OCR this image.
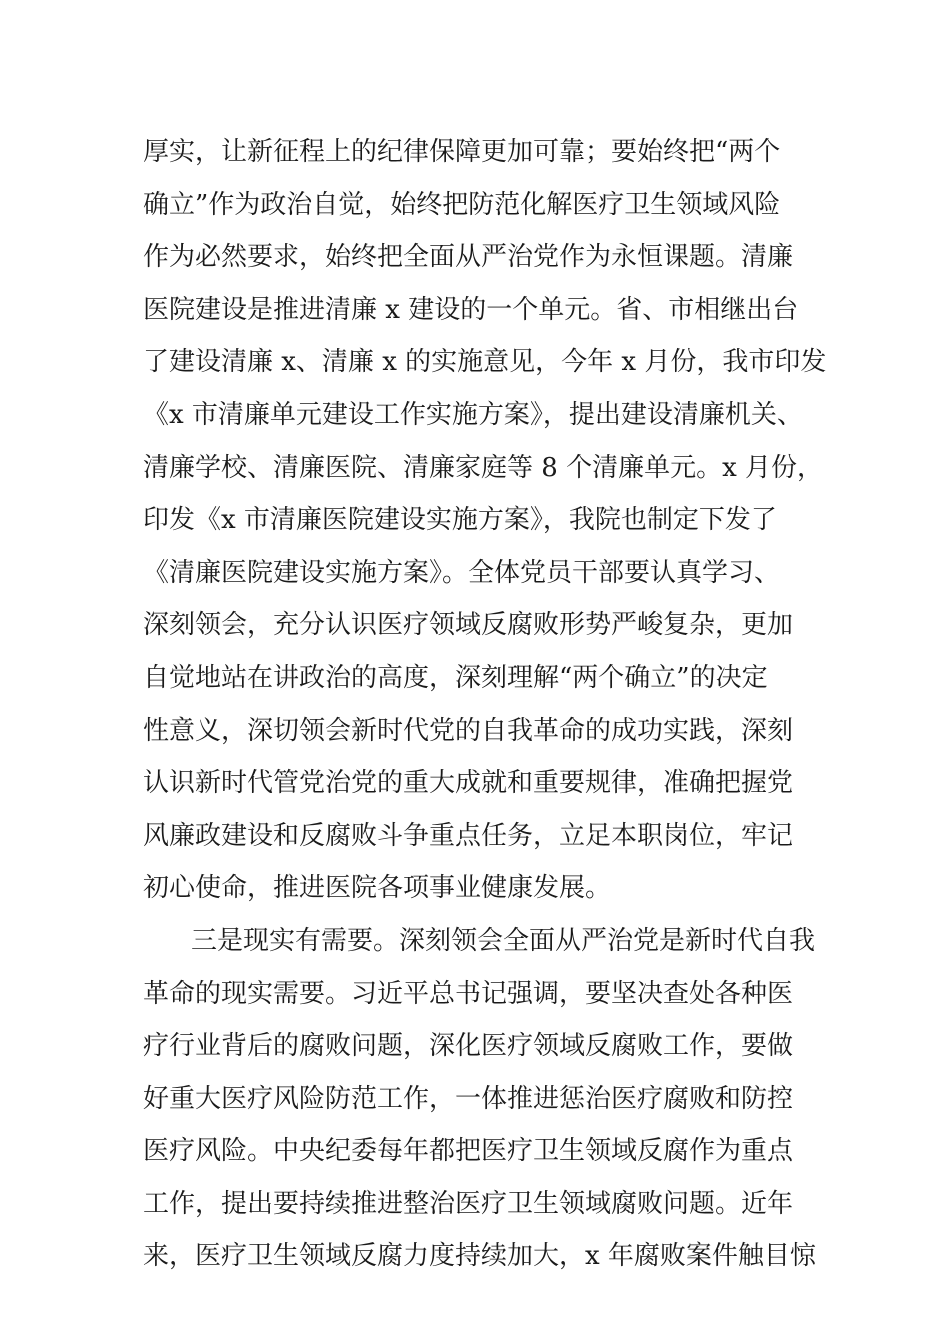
厚实，让新征程上的纪律保障更加可靠；要始终把“两个
确立”作为政治自觉，始终把防范化解医疗卫生领域风险
作为必然要求，始终把全面从严治党作为永恒课题。清廉
医院建设是推进清廉 x 建设的一个单元。省、市相继出台
了建设清廉 x、清廉 x 的实施意见，今年 x 月份，我市印发
《x 市清廉单元建设工作实施方案》，提出建设清廉机关、
清廉学校、清廉医院、清廉家庭等 8 个清廉单元。x 月份，
印发《x 市清廉医院建设实施方案》，我院也制定下发了
《清廉医院建设实施方案》。全体党员干部要认真学习、
深刻领会，充分认识医疗领域反腐败形势严峻复杂，更加
自觉地站在讲政治的高度，深刻理解“两个确立”的决定
性意义，深切领会新时代党的自我革命的成功实践，深刻
认识新时代管党治党的重大成就和重要规律，准确把握党
风廉政建设和反腐败斗争重点任务，立足本职岗位，牢记
初心使命，推进医院各项事业健康发展。
三是现实有需要。深刻领会全面从严治党是新时代自我
革命的现实需要。习近平总书记强调，要坚决查处各种医
疗行业背后的腐败问题，深化医疗领域反腐败工作，要做
好重大医疗风险防范工作，一体推进惩治医疗腐败和防控
医疗风险。中央纪委每年都把医疗卫生领域反腐作为重点
工作，提出要持续推进整治医疗卫生领域腐败问题。近年
来，医疗卫生领域反腐力度持续加大，x 年腐败案件触目惊
